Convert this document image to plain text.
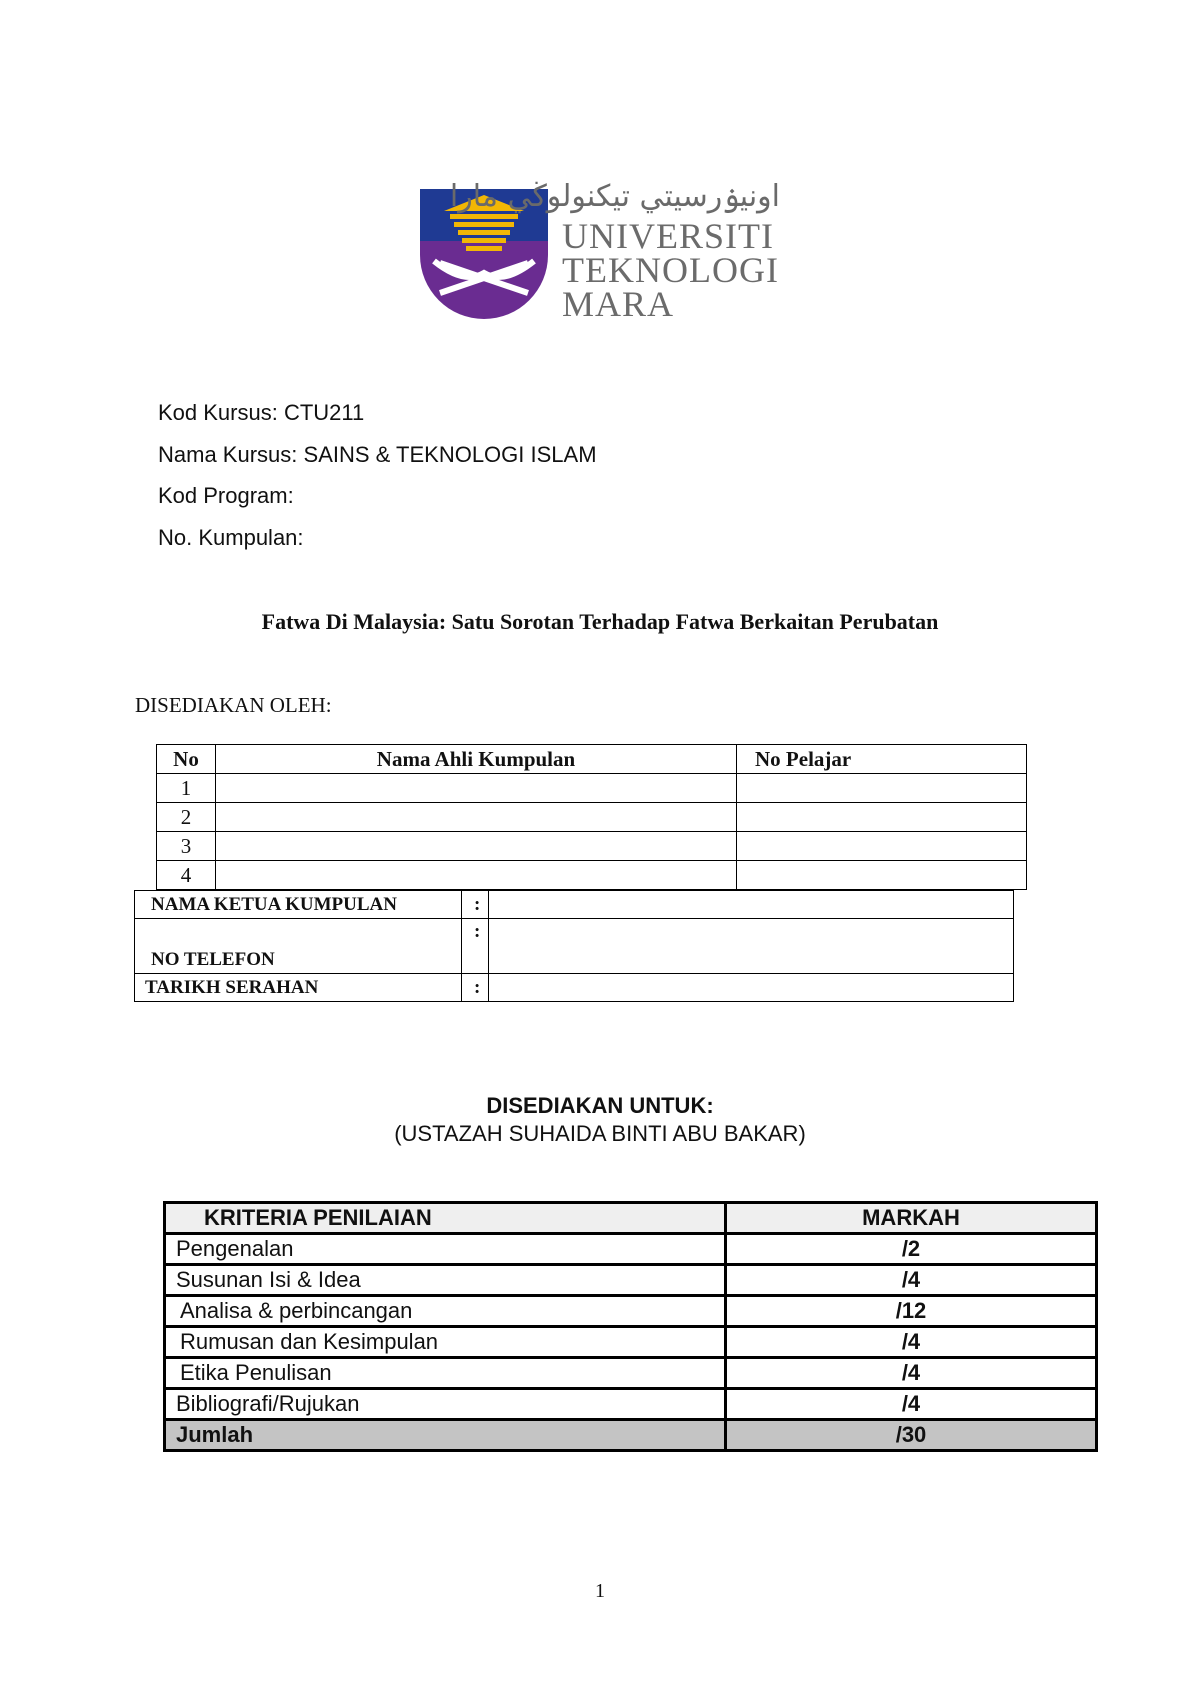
اونيۏرسيتي تيكنولوڬي مارا
UNIVERSITI
TEKNOLOGI
MARA
Kod Kursus: CTU211
Nama Kursus: SAINS & TEKNOLOGI ISLAM
Kod Program:
No. Kumpulan:
Fatwa Di Malaysia: Satu Sorotan Terhadap Fatwa Berkaitan Perubatan
DISEDIAKAN OLEH:
No	Nama Ahli Kumpulan	No Pelajar
1		
2		
3		
4		
NAMA KETUA KUMPULAN	:	
NO TELEFON	:	
TARIKH SERAHAN	:	
DISEDIAKAN UNTUK:
(USTAZAH SUHAIDA BINTI ABU BAKAR)
KRITERIA PENILAIAN	MARKAH
Pengenalan	/2
Susunan Isi & Idea	/4
Analisa & perbincangan	/12
Rumusan dan Kesimpulan	/4
Etika Penulisan	/4
Bibliografi/Rujukan	/4
Jumlah	/30
1
